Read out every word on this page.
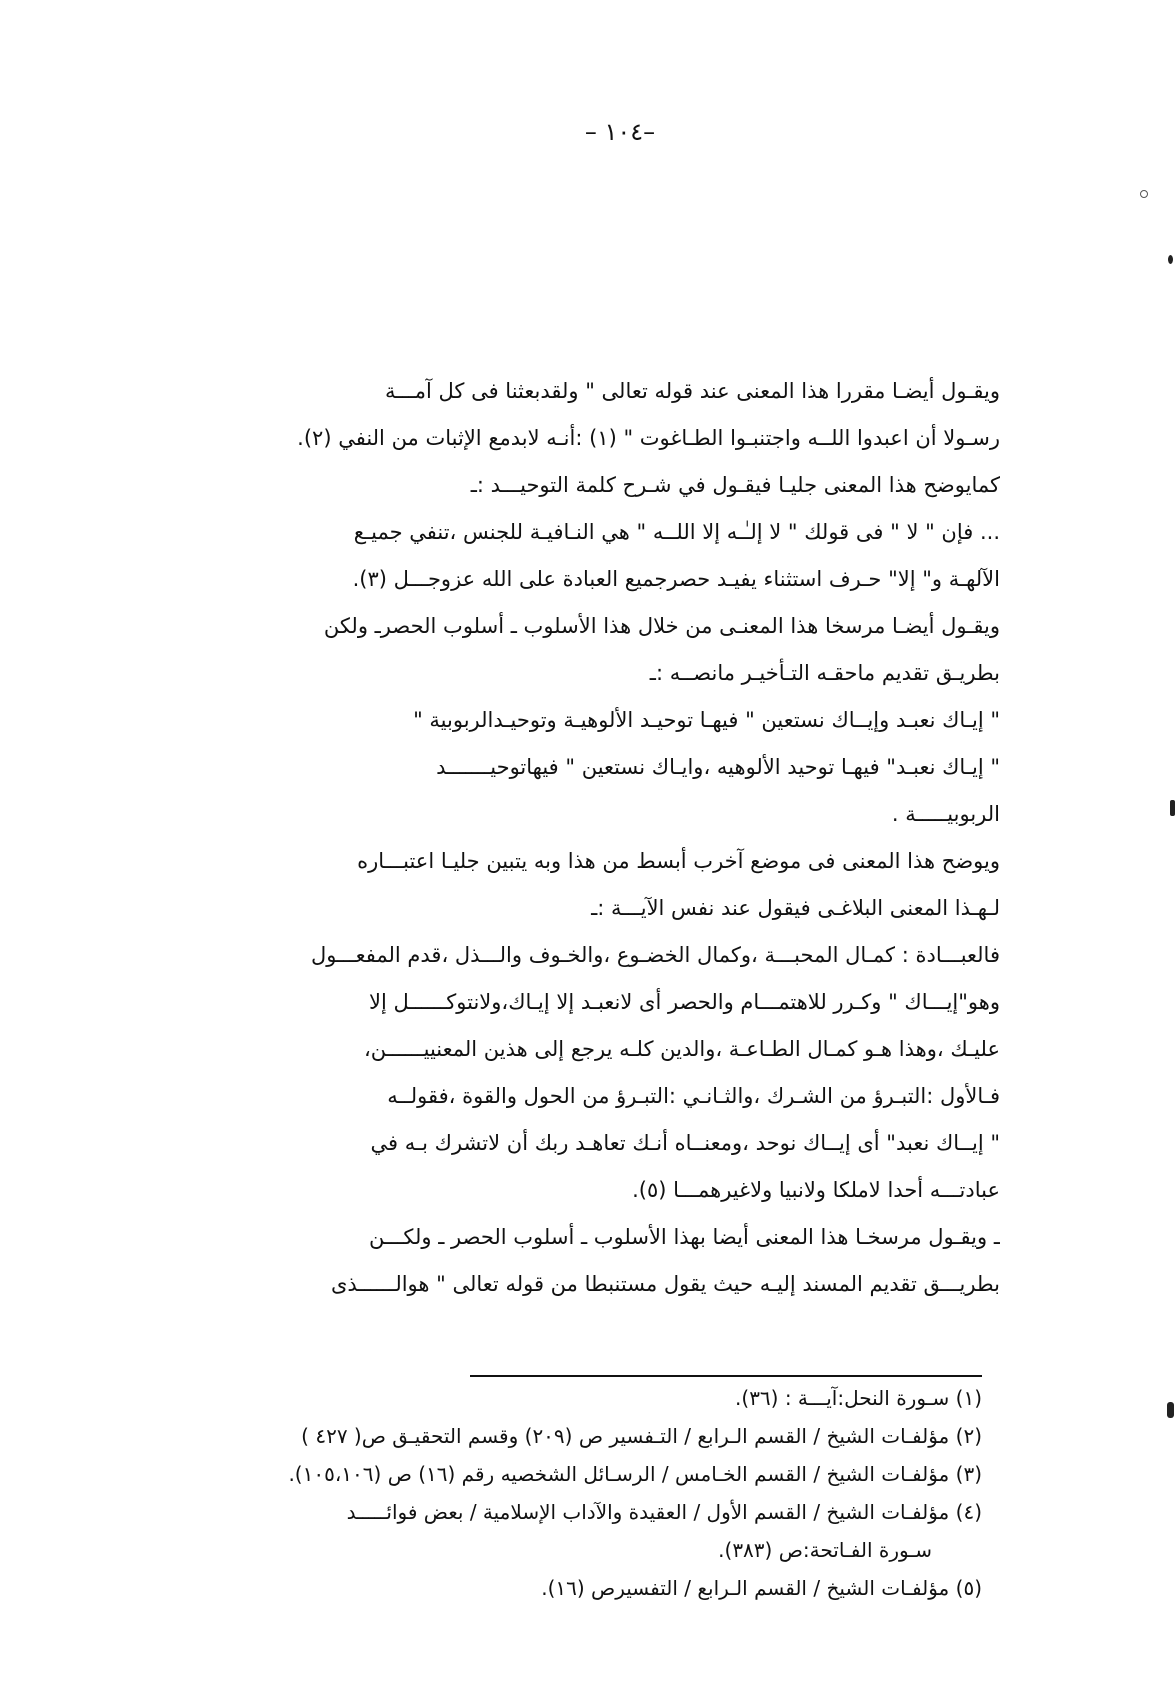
–١٠٤ –
ويقـول أيضـا مقررا هذا المعنى عند قوله تعالى " ولقدبعثنا فى كل آمـــة
رسـولا أن اعبدوا اللــه واجتنبـوا الطـاغوت " (١) :أنـه لابدمع الإثبات من النفي (٢).
كمايوضح هذا المعنى جليـا فيقـول في شـرح كلمة التوحيـــد :ـ
... فإن " لا " فى قولك " لا إلـٰـه إلا اللــه " هي النـافيـة للجنس ،تنفي جميـع
الآلهـة و" إلا" حـرف استثناء يفيـد حصرجميع العبادة على الله عزوجـــل (٣).
ويقـول أيضـا مرسخا هذا المعنـى من خلال هذا الأسلوب ـ أسلوب الحصرـ ولكن
بطريـق تقديم ماحقـه التـأخيـر مانصــه :ـ
" إيـاك نعبـد وإيــاك نستعين " فيهـا توحيـد الألوهيـة وتوحيـدالربوبية "
" إيـاك نعبـد" فيهـا توحيد الألوهيه ،وايـاك نستعين " فيهاتوحيـــــــد
الربوبيـــــة .
ويوضح هذا المعنى فى موضع آخرب أبسط من هذا وبه يتبين جليـا اعتبـــاره
لـهـذا المعنى البلاغـى فيقول عند نفس الآيـــة :ـ
فالعبـــادة : كمـال المحبـــة ،وكمال الخضـوع ،والخـوف والـــذل ،قدم المفعـــول
وهو"إيـــاك " وكـرر للاهتمـــام والحصر أى لانعبـد إلا إيـاك،ولانتوكــــــل إلا
عليـك ،وهذا هـو كمـال الطـاعـة ،والدين كلـه يرجع إلى هذين المعنييــــــن،
فـالأول :التبـرؤ من الشـرك ،والثـانـي :التبـرؤ من الحول والقوة ،فقولــه
" إيــاك نعبد" أى إيــاك نوحد ،ومعنــاه أنـك تعاهـد ربك أن لاتشرك بـه في
عبادتـــه أحدا لاملكا ولانبيا ولاغيرهمـــا (٥).
ـ ويقـول مرسخـا هذا المعنى أيضا بهذا الأسلوب ـ أسلوب الحصر ـ ولكـــن
بطريـــق تقديم المسند إليـه حيث يقول مستنبطا من قوله تعالى " هوالــــــذى
(١) سـورة النحل:آيـــة : (٣٦).
(٢) مؤلفـات الشيخ / القسم الـرابع / التـفسير ص (٢٠٩) وقسم التحقيـق ص( ٤٢٧ )
(٣) مؤلفـات الشيخ / القسم الخـامس / الرسـائل الشخصيه رقم (١٦) ص (١٠٥،١٠٦).
(٤) مؤلفـات الشيخ / القسم الأول / العقيدة والآداب الإسلامية / بعض فوائـــــد
سـورة الفـاتحة:ص (٣٨٣).
(٥) مؤلفـات الشيخ / القسم الـرابع / التفسيرص (١٦).
